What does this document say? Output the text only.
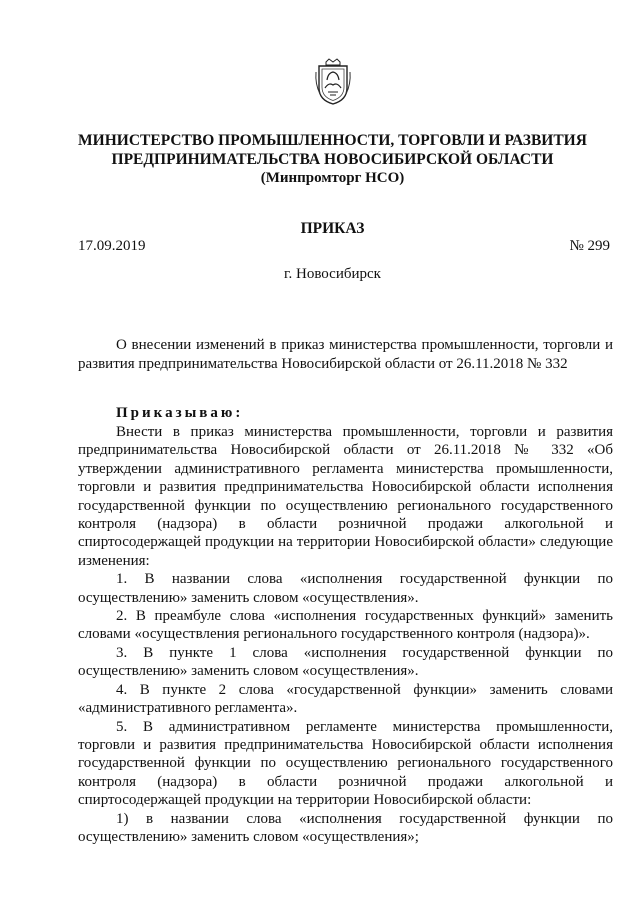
МИНИСТЕРСТВО ПРОМЫШЛЕННОСТИ, ТОРГОВЛИ И РАЗВИТИЯ
ПРЕДПРИНИМАТЕЛЬСТВА НОВОСИБИРСКОЙ ОБЛАСТИ
(Минпромторг НСО)
ПРИКАЗ
17.09.2019	№ 299
г. Новосибирск
О внесении изменений в приказ министерства промышленности, торговли и развития предпринимательства Новосибирской области от 26.11.2018 № 332
Приказываю:

Внести в приказ министерства промышленности, торговли и развития предпринимательства Новосибирской области от 26.11.2018 № 332 «Об утверждении административного регламента министерства промышленности, торговли и развития предпринимательства Новосибирской области исполнения государственной функции по осуществлению регионального государственного контроля (надзора) в области розничной продажи алкогольной и спиртосодержащей продукции на территории Новосибирской области» следующие изменения:

1. В названии слова «исполнения государственной функции по осуществлению» заменить словом «осуществления».

2. В преамбуле слова «исполнения государственных функций» заменить словами «осуществления регионального государственного контроля (надзора)».

3. В пункте 1 слова «исполнения государственной функции по осуществлению» заменить словом «осуществления».

4. В пункте 2 слова «государственной функции» заменить словами «административного регламента».

5. В административном регламенте министерства промышленности, торговли и развития предпринимательства Новосибирской области исполнения государственной функции по осуществлению регионального государственного контроля (надзора) в области розничной продажи алкогольной и спиртосодержащей продукции на территории Новосибирской области:

1) в названии слова «исполнения государственной функции по осуществлению» заменить словом «осуществления»;
